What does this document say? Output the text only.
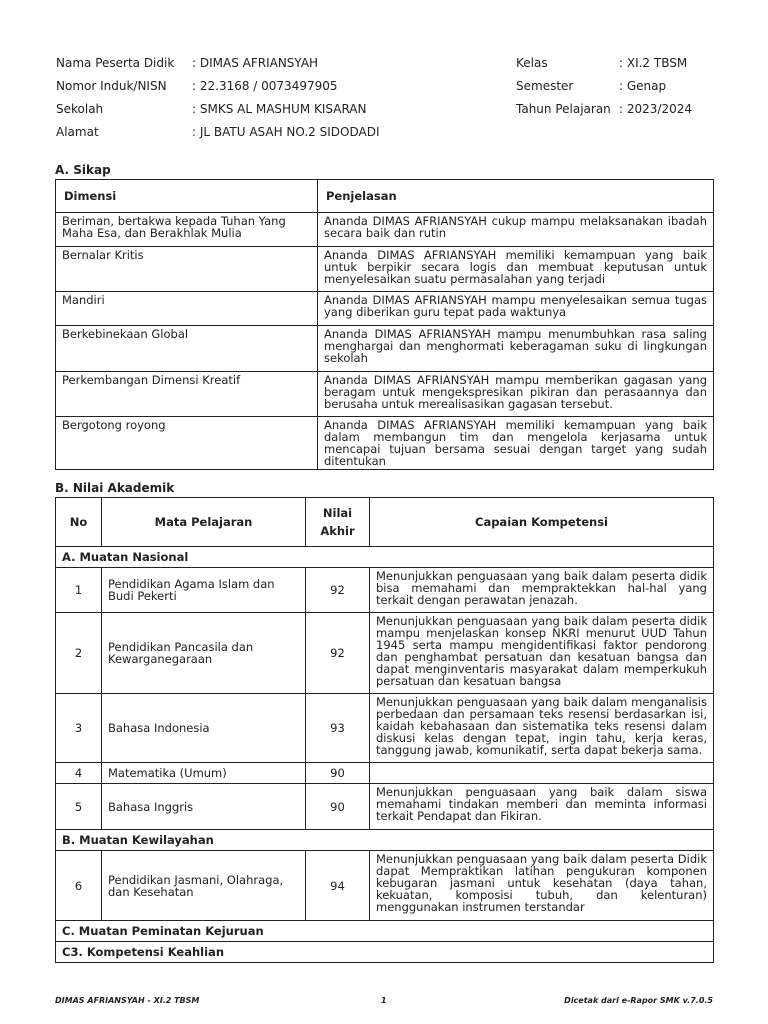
Nama Peserta Didik : DIMAS AFRIANSYAH
Nomor Induk/NISN : 22.3168 / 0073497905
Sekolah	: SMKS AL MASHUM KISARAN
Alamat	: JL BATU ASAH NO.2 SIDODADI
Kelas	: XI.2 TBSM
Semester	: Genap
Tahun Pelajaran : 2023/2024
A. Sikap
Dimensi	Penjelasan
Beriman, bertakwa kepada Tuhan Yang Maha Esa, dan Berakhlak Mulia	Ananda DIMAS AFRIANSYAH cukup mampu melaksanakan ibadah secara baik dan rutin
Bernalar Kritis	Ananda DIMAS AFRIANSYAH memiliki kemampuan yang baik untuk berpikir secara logis dan membuat keputusan untuk menyelesaikan suatu permasalahan yang terjadi
Mandiri	Ananda DIMAS AFRIANSYAH mampu menyelesaikan semua tugas yang diberikan guru tepat pada waktunya
Berkebinekaan Global	Ananda DIMAS AFRIANSYAH mampu menumbuhkan rasa saling menghargai dan menghormati keberagaman suku di lingkungan sekolah
Perkembangan Dimensi Kreatif	Ananda DIMAS AFRIANSYAH mampu memberikan gagasan yang beragam untuk mengekspresikan pikiran dan perasaannya dan berusaha untuk merealisasikan gagasan tersebut.
Bergotong royong	Ananda DIMAS AFRIANSYAH memiliki kemampuan yang baik dalam membangun tim dan mengelola kerjasama untuk mencapai tujuan bersama sesuai dengan target yang sudah ditentukan
B. Nilai Akademik
No	Mata Pelajaran	Nilai Akhir	Capaian Kompetensi
A. Muatan Nasional			
1	Pendidikan Agama Islam dan Budi Pekerti	92	Menunjukkan penguasaan yang baik dalam peserta didik bisa memahami dan mempraktekkan hal-hal yang terkait dengan perawatan jenazah.
2	Pendidikan Pancasila dan Kewarganegaraan	92	Menunjukkan penguasaan yang baik dalam peserta didik mampu menjelaskan konsep NKRI menurut UUD Tahun 1945 serta mampu mengidentifikasi faktor pendorong dan penghambat persatuan dan kesatuan bangsa dan dapat menginventaris masyarakat dalam memperkukuh persatuan dan kesatuan bangsa
3	Bahasa Indonesia	93	Menunjukkan penguasaan yang baik dalam menganalisis perbedaan dan persamaan teks resensi berdasarkan isi, kaidah kebahasaan dan sistematika teks resensi dalam diskusi kelas dengan tepat, ingin tahu, kerja keras, tanggung jawab, komunikatif, serta dapat bekerja sama.
4	Matematika (Umum)	90	
5	Bahasa Inggris	90	Menunjukkan penguasaan yang baik dalam siswa memahami tindakan memberi dan meminta informasi terkait Pendapat dan Fikiran.
B. Muatan Kewilayahan			
6	Pendidikan Jasmani, Olahraga, dan Kesehatan	94	Menunjukkan penguasaan yang baik dalam peserta Didik dapat Mempraktikan latihan pengukuran komponen kebugaran jasmani untuk kesehatan (daya tahan, kekuatan, komposisi tubuh, dan kelenturan) menggunakan instrumen terstandar
C. Muatan Peminatan Kejuruan			
C3. Kompetensi Keahlian			
DIMAS AFRIANSYAH - XI.2 TBSM	1	Dicetak dari e-Rapor SMK v.7.0.5
